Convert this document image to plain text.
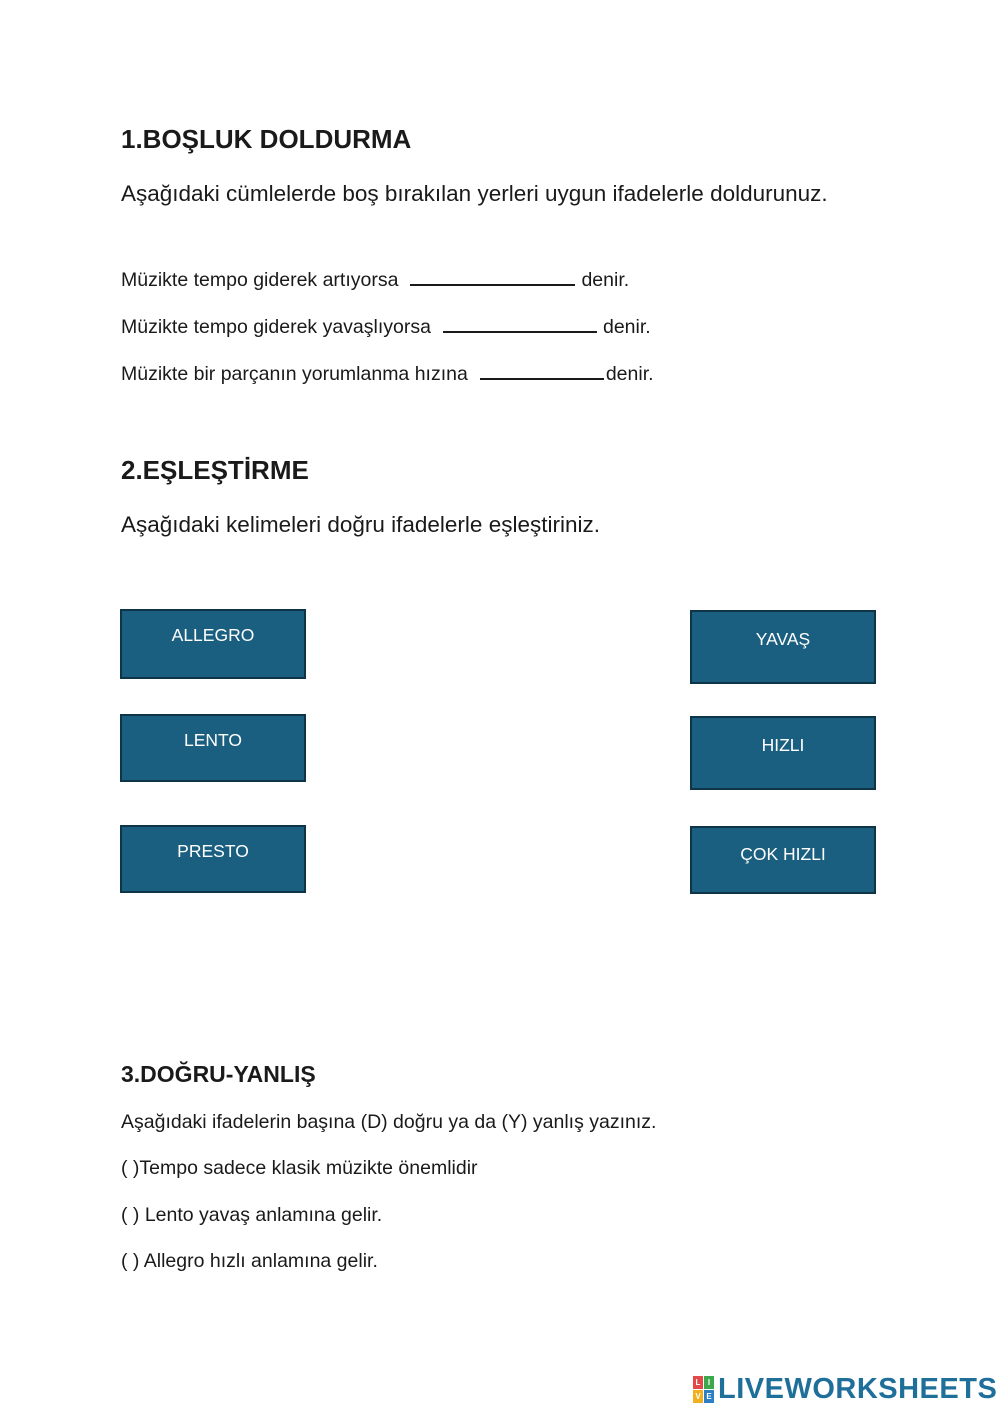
1.BOŞLUK DOLDURMA
Aşağıdaki cümlelerde boş bırakılan yerleri uygun ifadelerle doldurunuz.
Müzikte tempo giderek artıyorsa	denir.
Müzikte tempo giderek yavaşlıyorsa	denir.
Müzikte bir parçanın yorumlanma hızına	denir.
2.EŞLEŞTİRME
Aşağıdaki kelimeleri doğru ifadelerle eşleştiriniz.
ALLEGRO
LENTO
PRESTO
YAVAŞ
HIZLI
ÇOK HIZLI
3.DOĞRU-YANLIŞ
Aşağıdaki ifadelerin başına (D) doğru ya da (Y) yanlış yazınız.
( )Tempo sadece klasik müzikte önemlidir
( ) Lento yavaş anlamına gelir.
( ) Allegro hızlı anlamına gelir.
L I
V E LIVEWORKSHEETS
